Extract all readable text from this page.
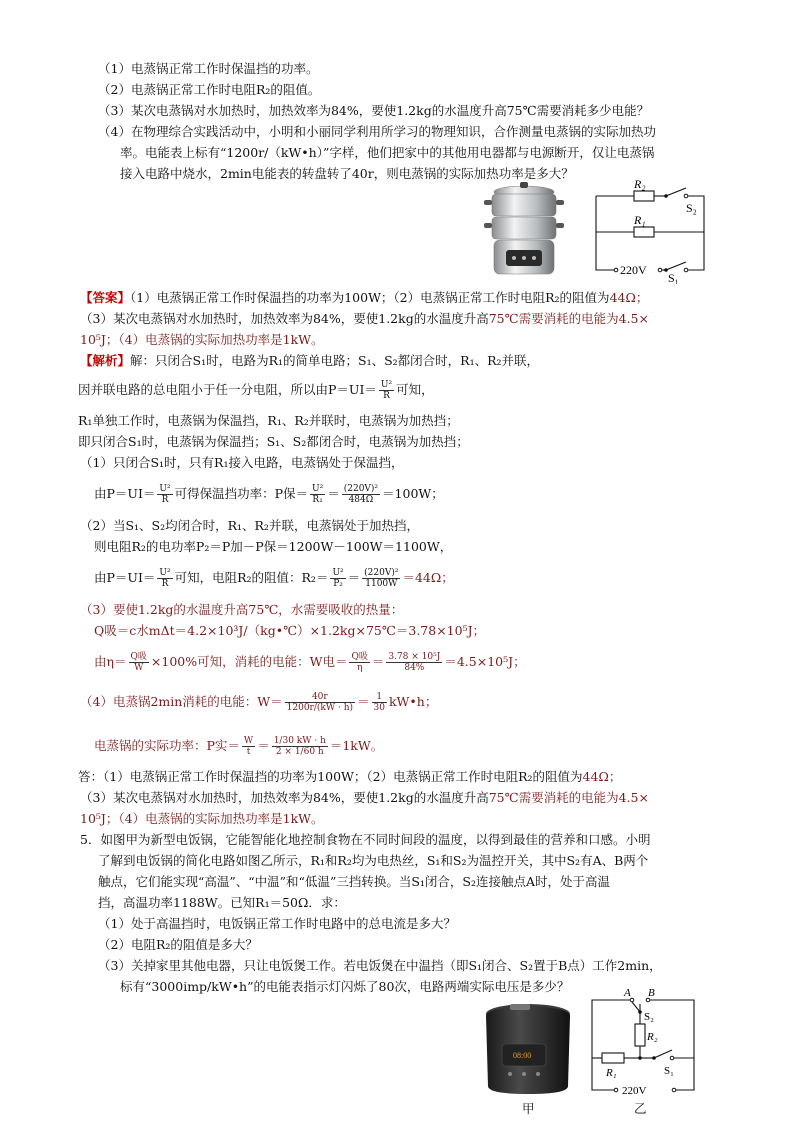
（1）电蒸锅正常工作时保温挡的功率。
（2）电蒸锅正常工作时电阻R₂的阻值。
（3）某次电蒸锅对水加热时，加热效率为84%，要使1.2kg的水温度升高75℃需要消耗多少电能？
（4）在物理综合实践活动中，小明和小丽同学利用所学习的物理知识，合作测量电蒸锅的实际加热功
率。电能表上标有“1200r/（kW•h）”字样，他们把家中的其他用电器都与电源断开，仅让电蒸锅
接入电路中烧水，2min电能表的转盘转了40r，则电蒸锅的实际加热功率是多大？
R₂
R₁
S₂
220V
S₁
【答案】（1）电蒸锅正常工作时保温挡的功率为100W；（2）电蒸锅正常工作时电阻R₂的阻值为44Ω；
（3）某次电蒸锅对水加热时，加热效率为84%，要使1.2kg的水温度升高75℃需要消耗的电能为4.5×
10⁵J；（4）电蒸锅的实际加热功率是1kW。
【解析】解：只闭合S₁时，电路为R₁的简单电路；S₁、S₂都闭合时，R₁、R₂并联，
因并联电路的总电阻小于任一分电阻，所以由$P=UI= \frac{\text{U²}}{R}$ 可知，
R₁单独工作时，电蒸锅为保温挡，R₁、R₂并联时，电蒸锅为加热挡；
即只闭合S₁时，电蒸锅为保温挡；S₁、S₂都闭合时，电蒸锅为加热挡；
（1）只闭合S₁时，只有R₁接入电路，电蒸锅处于保温挡，
由$P=UI= \frac{\text{U²}}{R}$ 可得保温挡功率：P保＝ $\frac{\text{U²}}{\text{R₁}} = \frac{\text{(220V)²}}{484\Omega} =100W$；
（2）当S₁、S₂均闭合时，R₁、R₂并联，电蒸锅处于加热挡，
则电阻R₂的电功率P₂＝P加－P保＝1200W－100W＝1100W，
由$P=UI= \frac{\text{U²}}{R}$ 可知，电阻R₂的阻值：$R_2= \frac{\text{U²}}{\text{P₂}} = \frac{\text{(220V)²}}{1100W} =44\Omega$；
（3）要使1.2kg的水温度升高75℃，水需要吸收的热量：
Q吸＝c水mΔt＝4.2×10³J/（kg•℃）×1.2kg×75℃＝3.78×10⁵J；
由$\eta= \frac{\text{Q吸}}{W} \times 100\%$可知，消耗的电能：W电＝ $\frac{\text{Q吸}}{\eta} = \frac{\text{3.78 × 10⁵J}}{84\%} =4.5\times 10^5J$；
（4）电蒸锅2min消耗的电能：$W= \frac{40r}{1200r/(kW \cdot h)} = \frac{1}{30}$ kW•h；
电蒸锅的实际功率：P实＝ $\frac{W}{t} = \frac{1/30 kW \cdot h}{2 \times 1/60 h} =1kW$。
答：（1）电蒸锅正常工作时保温挡的功率为100W；（2）电蒸锅正常工作时电阻R₂的阻值为44Ω；
（3）某次电蒸锅对水加热时，加热效率为84%，要使1.2kg的水温度升高75℃需要消耗的电能为4.5×
10⁵J；（4）电蒸锅的实际加热功率是1kW。
5．如图甲为新型电饭锅，它能智能化地控制食物在不同时间段的温度，以得到最佳的营养和口感。小明
了解到电饭锅的简化电路如图乙所示，R₁和R₂均为电热丝，S₁和S₂为温控开关，其中S₂有A、B两个
触点，它们能实现“高温”、“中温”和“低温”三挡转换。当S₁闭合，S₂连接触点A时，处于高温
挡，高温功率1188W。已知R₁＝50Ω．求：
（1）处于高温挡时，电饭锅正常工作时电路中的总电流是多大？
（2）电阻R₂的阻值是多大？
（3）关掉家里其他电器，只让电饭煲工作。若电饭煲在中温挡（即S₁闭合、S₂置于B点）工作2min，
标有“3000imp/kW•h”的电能表指示灯闪烁了80次，电路两端实际电压是多少？
08:00
甲
A B
S₂
R₂
R₁	S₁
220V
乙
